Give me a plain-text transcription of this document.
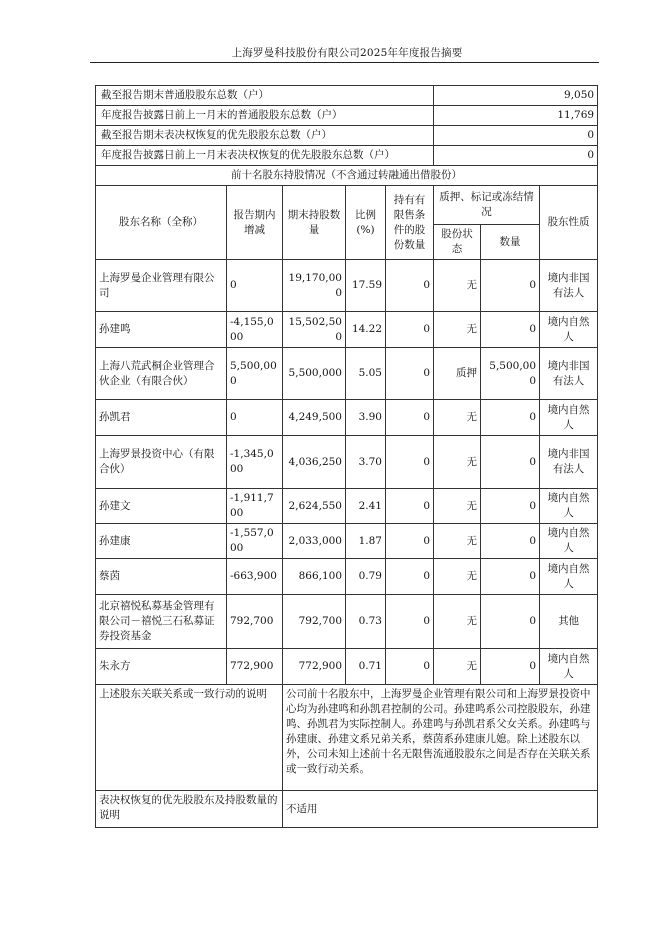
上海罗曼科技股份有限公司2025年年度报告摘要
截至报告期末普通股股东总数（户）					9,050		
年度报告披露日前上一月末的普通股股东总数（户）					11,769		
截至报告期末表决权恢复的优先股股东总数（户）					0		
年度报告披露日前上一月末表决权恢复的优先股股东总数（户）					0		
前十名股东持股情况（不含通过转融通出借股份）							
股东名称（全称）	报告期内增减	期末持股数量	比例(%)	持有有限售条件的股份数量	质押、标记或冻结情况		股东性质
					股份状态	数量	
上海罗曼企业管理有限公司	0	19,170,000	17.59	0	无	0	境内非国有法人
孙建鸣	-4,155,000	15,502,500	14.22	0	无	0	境内自然人
上海八荒武桐企业管理合伙企业（有限合伙）	5,500,000	5,500,000	5.05	0	质押	5,500,000	境内非国有法人
孙凯君	0	4,249,500	3.90	0	无	0	境内自然人
上海罗景投资中心（有限合伙）	-1,345,000	4,036,250	3.70	0	无	0	境内非国有法人
孙建文	-1,911,700	2,624,550	2.41	0	无	0	境内自然人
孙建康	-1,557,000	2,033,000	1.87	0	无	0	境内自然人
蔡茵	-663,900	866,100	0.79	0	无	0	境内自然人
北京禧悦私募基金管理有限公司－禧悦三石私募证券投资基金	792,700	792,700	0.73	0	无	0	其他
朱永方	772,900	772,900	0.71	0	无	0	境内自然人
上述股东关联关系或一致行动的说明		公司前十名股东中，上海罗曼企业管理有限公司和上海罗景投资中心均为孙建鸣和孙凯君控制的公司。孙建鸣系公司控股股东，孙建鸣、孙凯君为实际控制人。孙建鸣与孙凯君系父女关系。孙建鸣与孙建康、孙建文系兄弟关系，蔡茵系孙建康儿媳。除上述股东以外，公司未知上述前十名无限售流通股股东之间是否存在关联关系或一致行动关系。					
表决权恢复的优先股股东及持股数量的说明		不适用					
